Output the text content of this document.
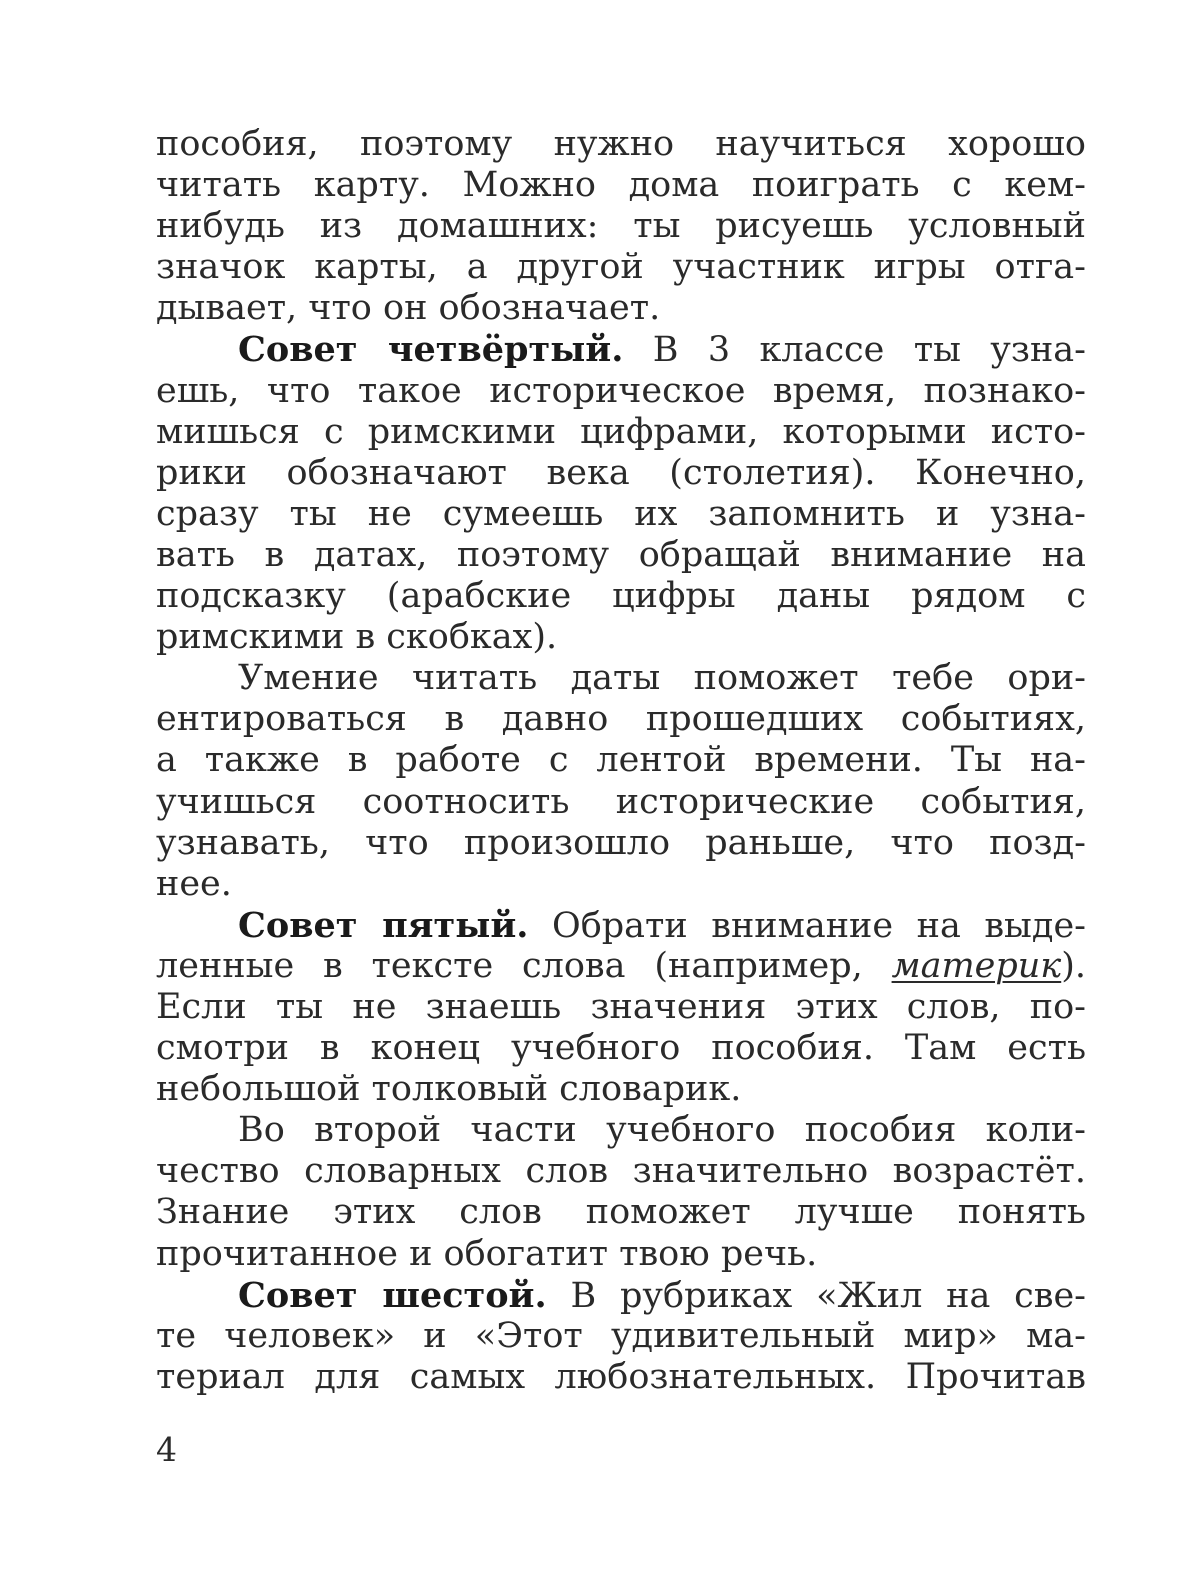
пособия, поэтому нужно научиться хорошо
читать карту. Можно дома поиграть с кем-
нибудь из домашних: ты рисуешь условный
значок карты, а другой участник игры отга-
дывает, что он обозначает.
Совет четвёртый. В 3 классе ты узна-
ешь, что такое историческое время, познако-
мишься с римскими цифрами, которыми исто-
рики обозначают века (столетия). Конечно,
сразу ты не сумеешь их запомнить и узна-
вать в датах, поэтому обращай внимание на
подсказку (арабские цифры даны рядом с
римскими в скобках).
Умение читать даты поможет тебе ори-
ентироваться в давно прошедших событиях,
а также в работе с лентой времени. Ты на-
учишься соотносить исторические события,
узнавать, что произошло раньше, что позд-
нее.
Совет пятый. Обрати внимание на выде-
ленные в тексте слова (например, материк).
Если ты не знаешь значения этих слов, по-
смотри в конец учебного пособия. Там есть
небольшой толковый словарик.
Во второй части учебного пособия коли-
чество словарных слов значительно возрастёт.
Знание этих слов поможет лучше понять
прочитанное и обогатит твою речь.
Совет шестой. В рубриках «Жил на све-
те человек» и «Этот удивительный мир» ма-
териал для самых любознательных. Прочитав
4
